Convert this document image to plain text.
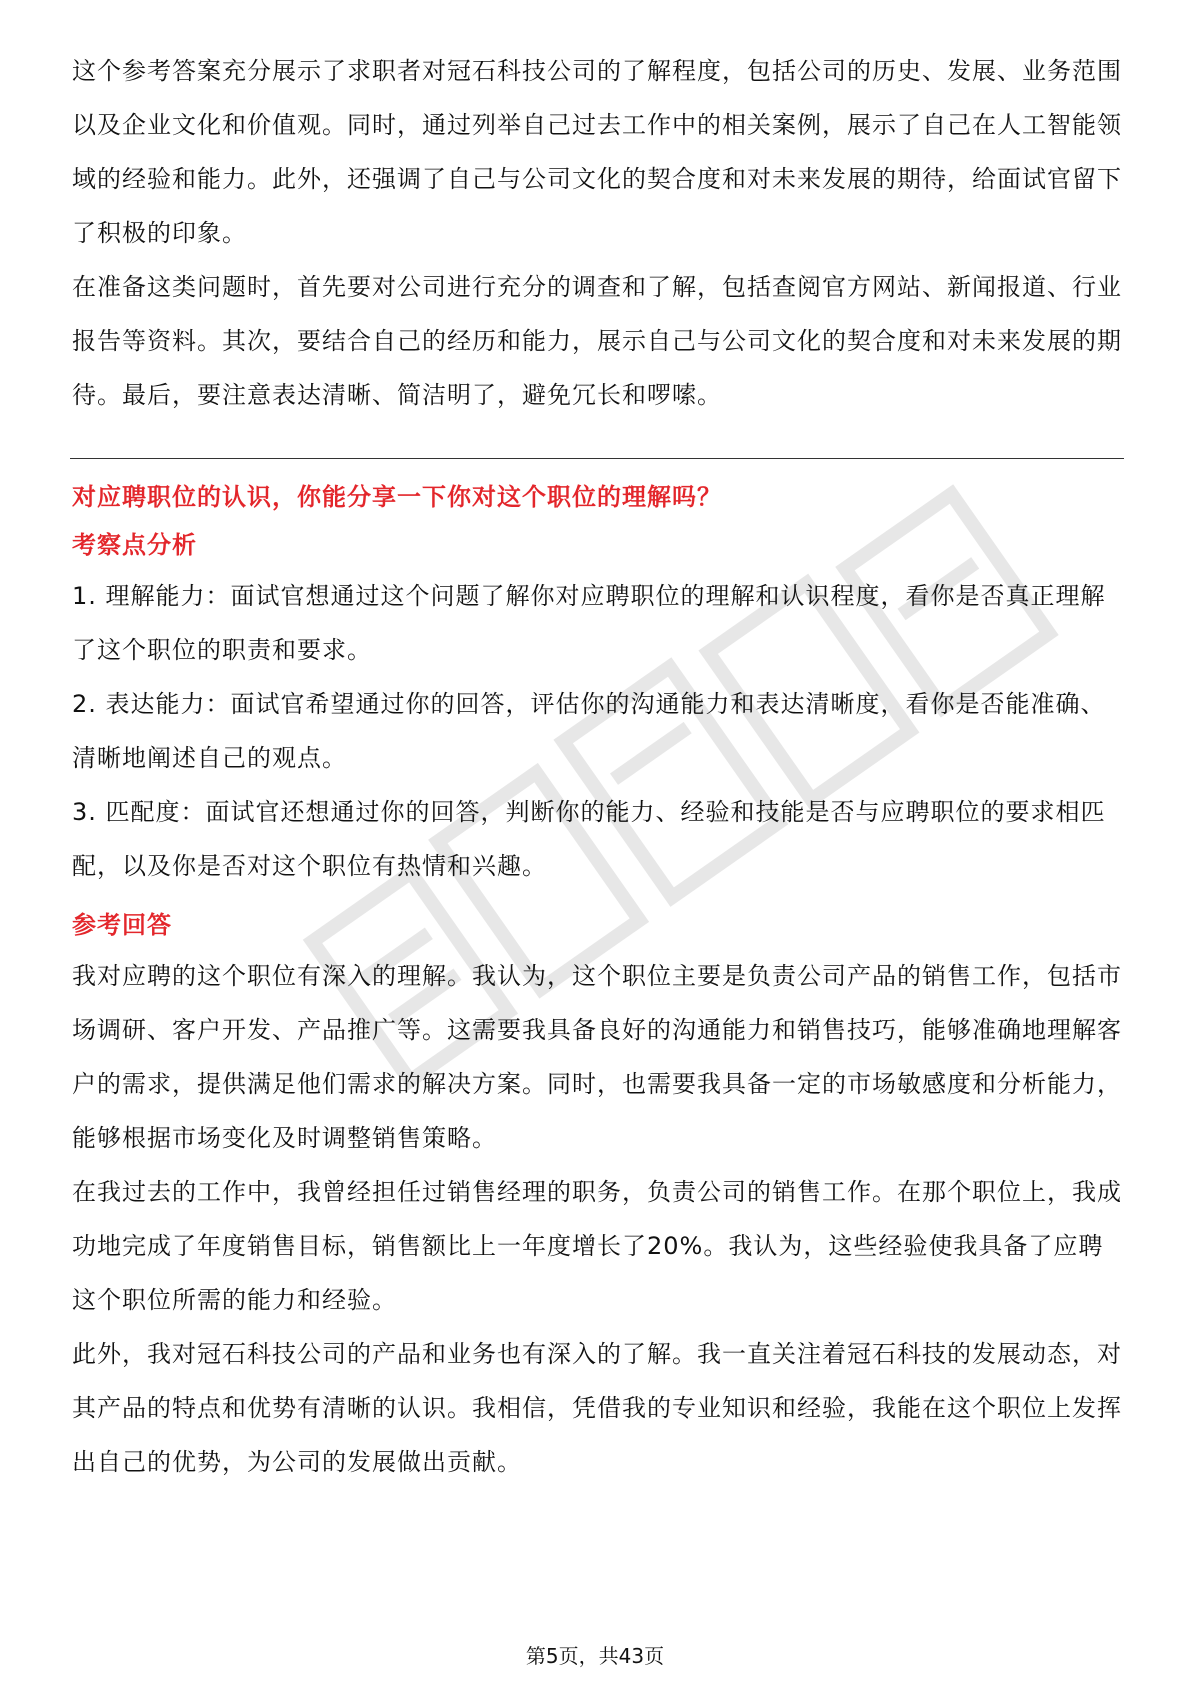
这个参考答案充分展示了求职者对冠石科技公司的了解程度，包括公司的历史、发展、业务范围以及企业文化和价值观。同时，通过列举自己过去工作中的相关案例，展示了自己在人工智能领域的经验和能力。此外，还强调了自己与公司文化的契合度和对未来发展的期待，给面试官留下了积极的印象。

在准备这类问题时，首先要对公司进行充分的调查和了解，包括查阅官方网站、新闻报道、行业报告等资料。其次，要结合自己的经历和能力，展示自己与公司文化的契合度和对未来发展的期待。最后，要注意表达清晰、简洁明了，避免冗长和啰嗦。

对应聘职位的认识，你能分享一下你对这个职位的理解吗？

考察点分析

1. 理解能力：面试官想通过这个问题了解你对应聘职位的理解和认识程度，看你是否真正理解了这个职位的职责和要求。

2. 表达能力：面试官希望通过你的回答，评估你的沟通能力和表达清晰度，看你是否能准确、清晰地阐述自己的观点。

3. 匹配度：面试官还想通过你的回答，判断你的能力、经验和技能是否与应聘职位的要求相匹配，以及你是否对这个职位有热情和兴趣。

参考回答

我对应聘的这个职位有深入的理解。我认为，这个职位主要是负责公司产品的销售工作，包括市场调研、客户开发、产品推广等。这需要我具备良好的沟通能力和销售技巧，能够准确地理解客户的需求，提供满足他们需求的解决方案。同时，也需要我具备一定的市场敏感度和分析能力，能够根据市场变化及时调整销售策略。

在我过去的工作中，我曾经担任过销售经理的职务，负责公司的销售工作。在那个职位上，我成功地完成了年度销售目标，销售额比上一年度增长了20%。我认为，这些经验使我具备了应聘这个职位所需的能力和经验。

此外，我对冠石科技公司的产品和业务也有深入的了解。我一直关注着冠石科技的发展动态，对其产品的特点和优势有清晰的认识。我相信，凭借我的专业知识和经验，我能在这个职位上发挥出自己的优势，为公司的发展做出贡献。

第5页，共43页
